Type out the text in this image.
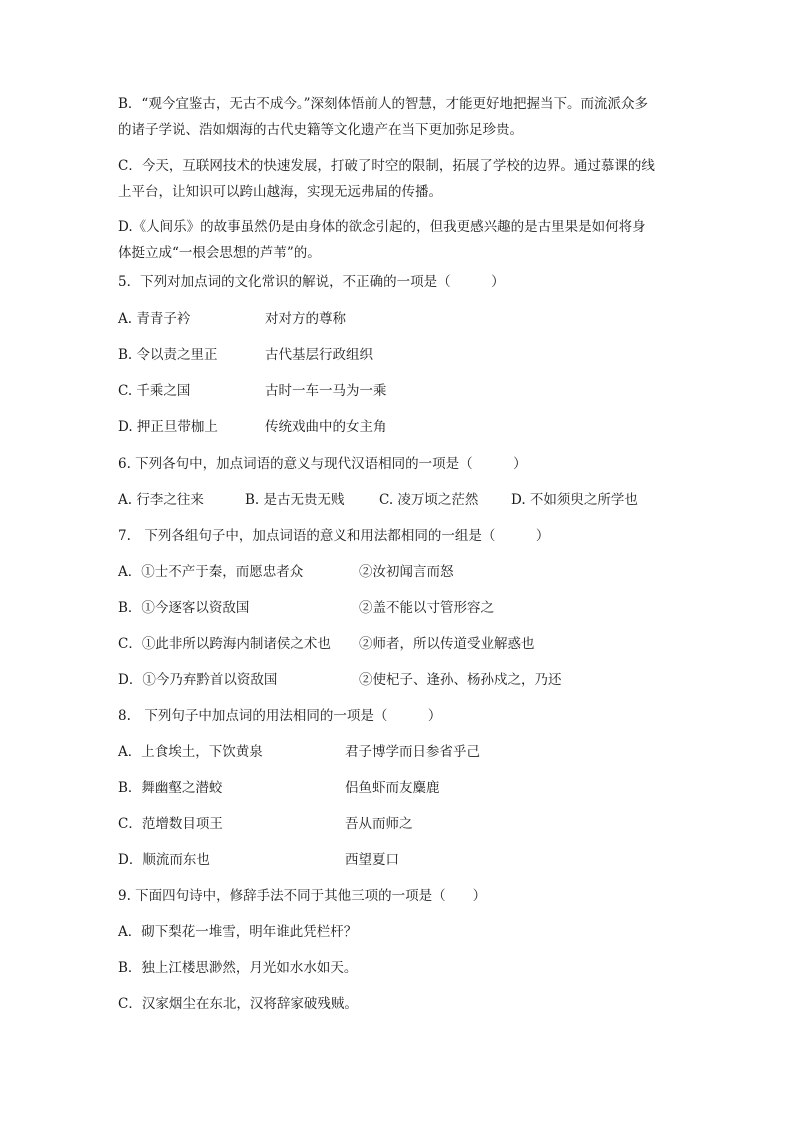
B．“观今宜鉴古，无古不成今。”深刻体悟前人的智慧，才能更好地把握当下。而流派众多
的诸子学说、浩如烟海的古代史籍等文化遗产在当下更加弥足珍贵。
C．今天，互联网技术的快速发展，打破了时空的限制，拓展了学校的边界。通过慕课的线
上平台，让知识可以跨山越海，实现无远弗届的传播。
D.《人间乐》的故事虽然仍是由身体的欲念引起的，但我更感兴趣的是古里果是如何将身
体挺立成“一根会思想的芦苇”的。
5．下列对加点词的文化常识的解说，不正确的一项是（　　　）
A. 青青子衿	对对方的尊称
B. 令以责之里正	古代基层行政组织
C. 千乘之国	古时一车一马为一乘
D. 押正旦带枷上	传统戏曲中的女主角
6. 下列各句中，加点词语的意义与现代汉语相同的一项是（　　　）
A. 行李之往来	B. 是古无贵无贱	C. 凌万顷之茫然 D. 不如须臾之所学也
7.　下列各组句子中，加点词语的意义和用法都相同的一组是（　　　）
A．①士不产于秦，而愿忠者众	②汝初闻言而怒
B．①今逐客以资敌国	②盖不能以寸管形容之
C．①此非所以跨海内制诸侯之术也 ②师者，所以传道受业解惑也
D．①今乃弃黔首以资敌国	②使杞子、逢孙、杨孙戍之，乃还
8.　下列句子中加点词的用法相同的一项是（　　　）
A．上食埃土，下饮黄泉	君子博学而日参省乎己
B．舞幽壑之潜蛟	侣鱼虾而友麋鹿
C．范增数目项王	吾从而师之
D．顺流而东也	西望夏口
9. 下面四句诗中，修辞手法不同于其他三项的一项是（　　）
A．砌下梨花一堆雪，明年谁此凭栏杆？
B．独上江楼思渺然，月光如水水如天。
C．汉家烟尘在东北，汉将辞家破残贼。
